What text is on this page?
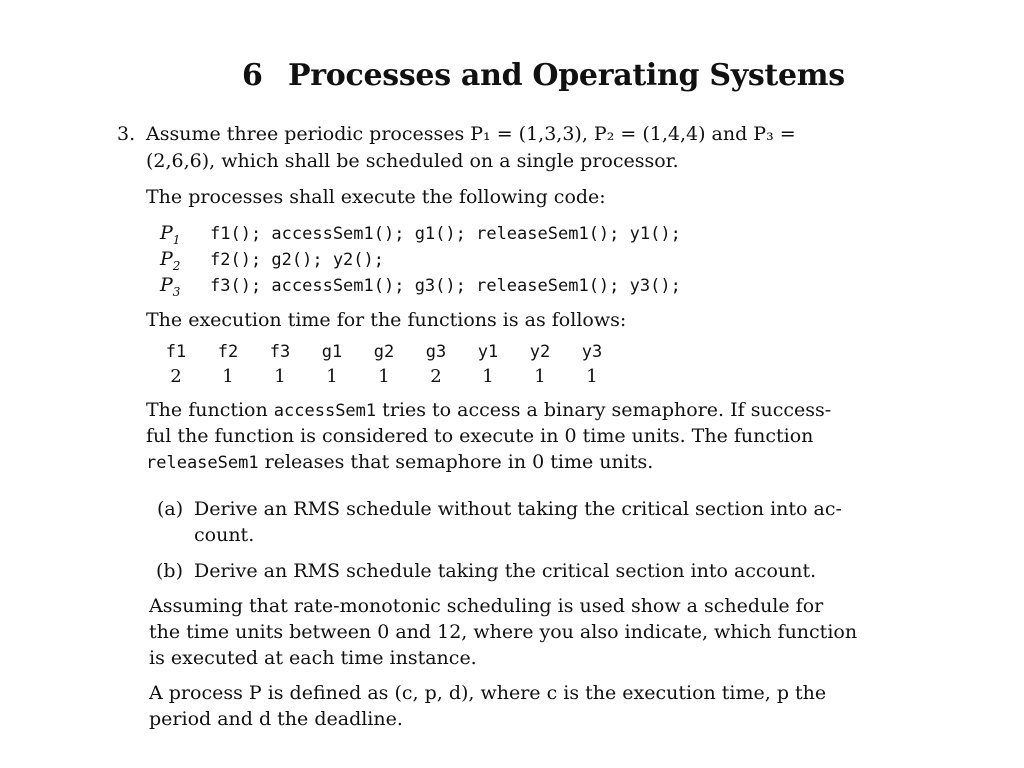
6 Processes and Operating Systems
3. Assume three periodic processes P₁ = (1,3,3), P₂ = (1,4,4) and P₃ =
(2,6,6), which shall be scheduled on a single processor.
The processes shall execute the following code:
$P_1$ f1(); accessSem1(); g1(); releaseSem1(); y1();
$P_2$ f2(); g2(); y2();
$P_3$ f3(); accessSem1(); g3(); releaseSem1(); y3();
The execution time for the functions is as follows:
f1	f2	f3	g1	g2	g3	y1	y2	y3
2	1	1	1	1	2	1	1	1
The function accessSem1 tries to access a binary semaphore. If success-
ful the function is considered to execute in 0 time units. The function
releaseSem1 releases that semaphore in 0 time units.
(a) Derive an RMS schedule without taking the critical section into ac-
count.
(b) Derive an RMS schedule taking the critical section into account.
Assuming that rate-monotonic scheduling is used show a schedule for
the time units between 0 and 12, where you also indicate, which function
is executed at each time instance.
A process P is defined as (c, p, d), where c is the execution time, p the
period and d the deadline.
